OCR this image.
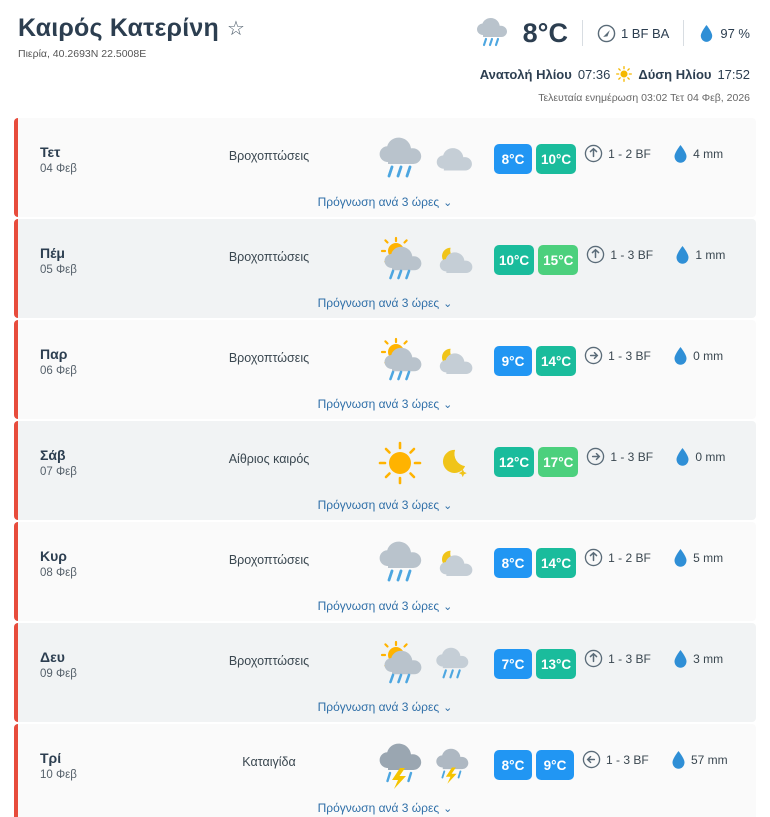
Καιρός Κατερίνη ☆
Πιερία, 40.2693N 22.5008E
8°C	1 BF ΒΑ	97 %
Ανατολή Ηλίου 07:36 Δύση Ηλίου 17:52
Τελευταία ενημέρωση 03:02 Τετ 04 Φεβ, 2026
Τετ
04 Φεβ
Βροχοπτώσεις	8°C	10°C	1 - 2 BF	4 mm
Πρόγνωση ανά 3 ώρες ⌄
Πέμ
05 Φεβ
Βροχοπτώσεις	10°C	15°C	1 - 3 BF	1 mm
Πρόγνωση ανά 3 ώρες ⌄
Παρ
06 Φεβ
Βροχοπτώσεις	9°C	14°C	1 - 3 BF	0 mm
Πρόγνωση ανά 3 ώρες ⌄
Σάβ
07 Φεβ
Αίθριος καιρός	12°C	17°C	1 - 3 BF	0 mm
Πρόγνωση ανά 3 ώρες ⌄
Κυρ
08 Φεβ
Βροχοπτώσεις	8°C	14°C	1 - 2 BF	5 mm
Πρόγνωση ανά 3 ώρες ⌄
Δευ
09 Φεβ
Βροχοπτώσεις	7°C	13°C	1 - 3 BF	3 mm
Πρόγνωση ανά 3 ώρες ⌄
Τρί
10 Φεβ
Καταιγίδα	8°C	9°C	1 - 3 BF	57 mm
Πρόγνωση ανά 3 ώρες ⌄
